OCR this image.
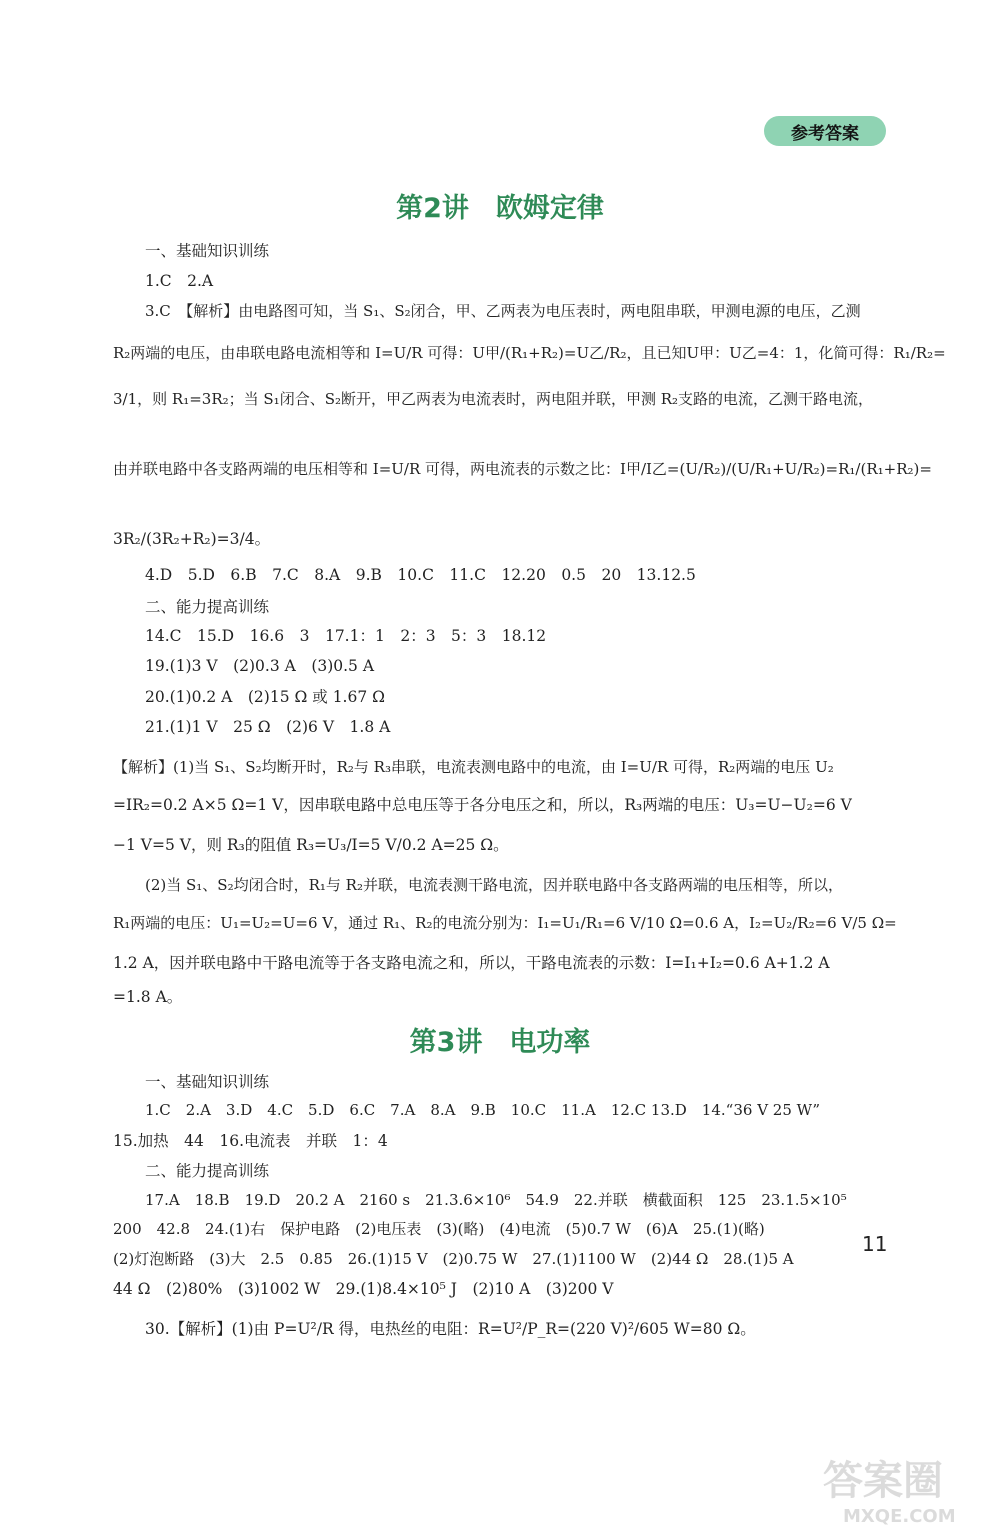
参考答案
第2讲　欧姆定律
一、基础知识训练
1.C　2.A
3.C　【解析】由电路图可知，当 S₁、S₂闭合，甲、乙两表为电压表时，两电阻串联，甲测电源的电压，乙测
R₂两端的电压，由串联电路电流相等和 I=U/R 可得：U甲/(R₁+R₂)=U乙/R₂，且已知U甲：U乙=4：1，化简可得：R₁/R₂=
3/1，则 R₁=3R₂；当 S₁闭合、S₂断开，甲乙两表为电流表时，两电阻并联，甲测 R₂支路的电流，乙测干路电流，
由并联电路中各支路两端的电压相等和 I=U/R 可得，两电流表的示数之比：I甲/I乙=(U/R₂)/(U/R₁+U/R₂)=R₁/(R₁+R₂)=
3R₂/(3R₂+R₂)=3/4。
4.D　5.D　6.B　7.C　8.A　9.B　10.C　11.C　12.20　0.5　20　13.12.5
二、能力提高训练
14.C　15.D　16.6　3　17.1：1　2：3　5：3　18.12
19.(1)3 V　(2)0.3 A　(3)0.5 A
20.(1)0.2 A　(2)15 Ω 或 1.67 Ω
21.(1)1 V　25 Ω　(2)6 V　1.8 A
【解析】(1)当 S₁、S₂均断开时，R₂与 R₃串联，电流表测电路中的电流，由 I=U/R 可得，R₂两端的电压 U₂
=IR₂=0.2 A×5 Ω=1 V，因串联电路中总电压等于各分电压之和，所以，R₃两端的电压：U₃=U−U₂=6 V
−1 V=5 V，则 R₃的阻值 R₃=U₃/I=5 V/0.2 A=25 Ω。
(2)当 S₁、S₂均闭合时，R₁与 R₂并联，电流表测干路电流，因并联电路中各支路两端的电压相等，所以，
R₁两端的电压：U₁=U₂=U=6 V，通过 R₁、R₂的电流分别为：I₁=U₁/R₁=6 V/10 Ω=0.6 A，I₂=U₂/R₂=6 V/5 Ω=
1.2 A，因并联电路中干路电流等于各支路电流之和，所以，干路电流表的示数：I=I₁+I₂=0.6 A+1.2 A
=1.8 A。
第3讲　电功率
一、基础知识训练
1.C　2.A　3.D　4.C　5.D　6.C　7.A　8.A　9.B　10.C　11.A　12.C 13.D　14.“36 V 25 W”
15.加热　44　16.电流表　并联　1：4
二、能力提高训练
17.A　18.B　19.D　20.2 A　2160 s　21.3.6×10⁶　54.9　22.并联　横截面积　125　23.1.5×10⁵
200　42.8　24.(1)右　保护电路　(2)电压表　(3)(略)　(4)电流　(5)0.7 W　(6)A　25.(1)(略)
(2)灯泡断路　(3)大　2.5　0.85　26.(1)15 V　(2)0.75 W　27.(1)1100 W　(2)44 Ω　28.(1)5 A
44 Ω　(2)80%　(3)1002 W　29.(1)8.4×10⁵ J　(2)10 A　(3)200 V
30.【解析】(1)由 P=U²/R 得，电热丝的电阻：R=U²/P_R=(220 V)²/605 W=80 Ω。
11
答案圈
MXQE.COM
